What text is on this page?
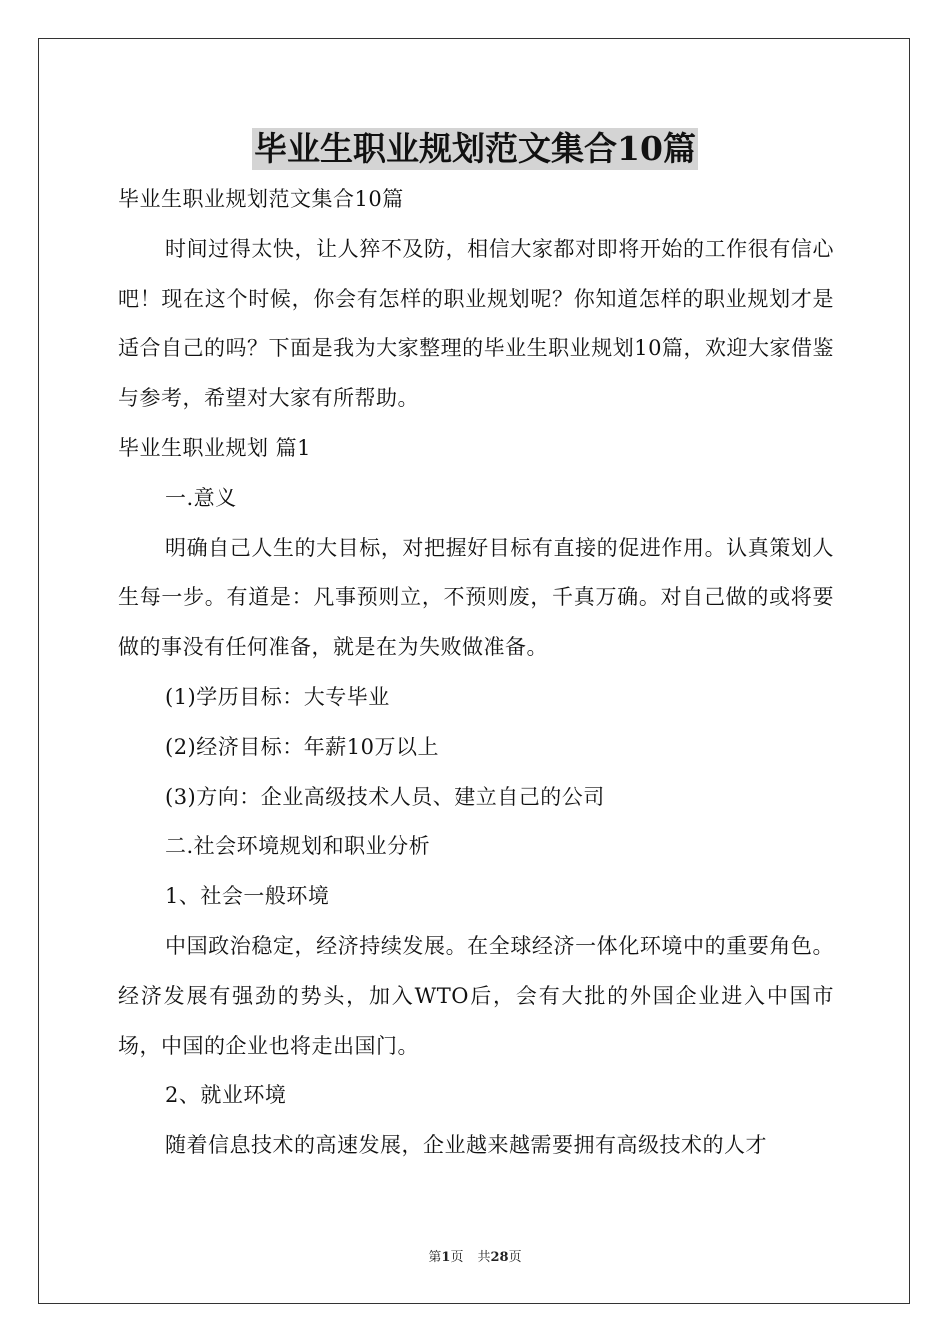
毕业生职业规划范文集合10篇

毕业生职业规划范文集合10篇

时间过得太快，让人猝不及防，相信大家都对即将开始的工作很有信心吧！现在这个时候，你会有怎样的职业规划呢？你知道怎样的职业规划才是适合自己的吗？下面是我为大家整理的毕业生职业规划10篇，欢迎大家借鉴与参考，希望对大家有所帮助。

毕业生职业规划 篇1

一.意义

明确自己人生的大目标，对把握好目标有直接的促进作用。认真策划人生每一步。有道是：凡事预则立，不预则废，千真万确。对自己做的或将要做的事没有任何准备，就是在为失败做准备。

(1)学历目标：大专毕业

(2)经济目标：年薪10万以上

(3)方向：企业高级技术人员、建立自己的公司

二.社会环境规划和职业分析

1、社会一般环境

中国政治稳定，经济持续发展。在全球经济一体化环境中的重要角色。经济发展有强劲的势头，加入WTO后，会有大批的外国企业进入中国市场，中国的企业也将走出国门。

2、就业环境

随着信息技术的高速发展，企业越来越需要拥有高级技术的人才

第1页 共28页
